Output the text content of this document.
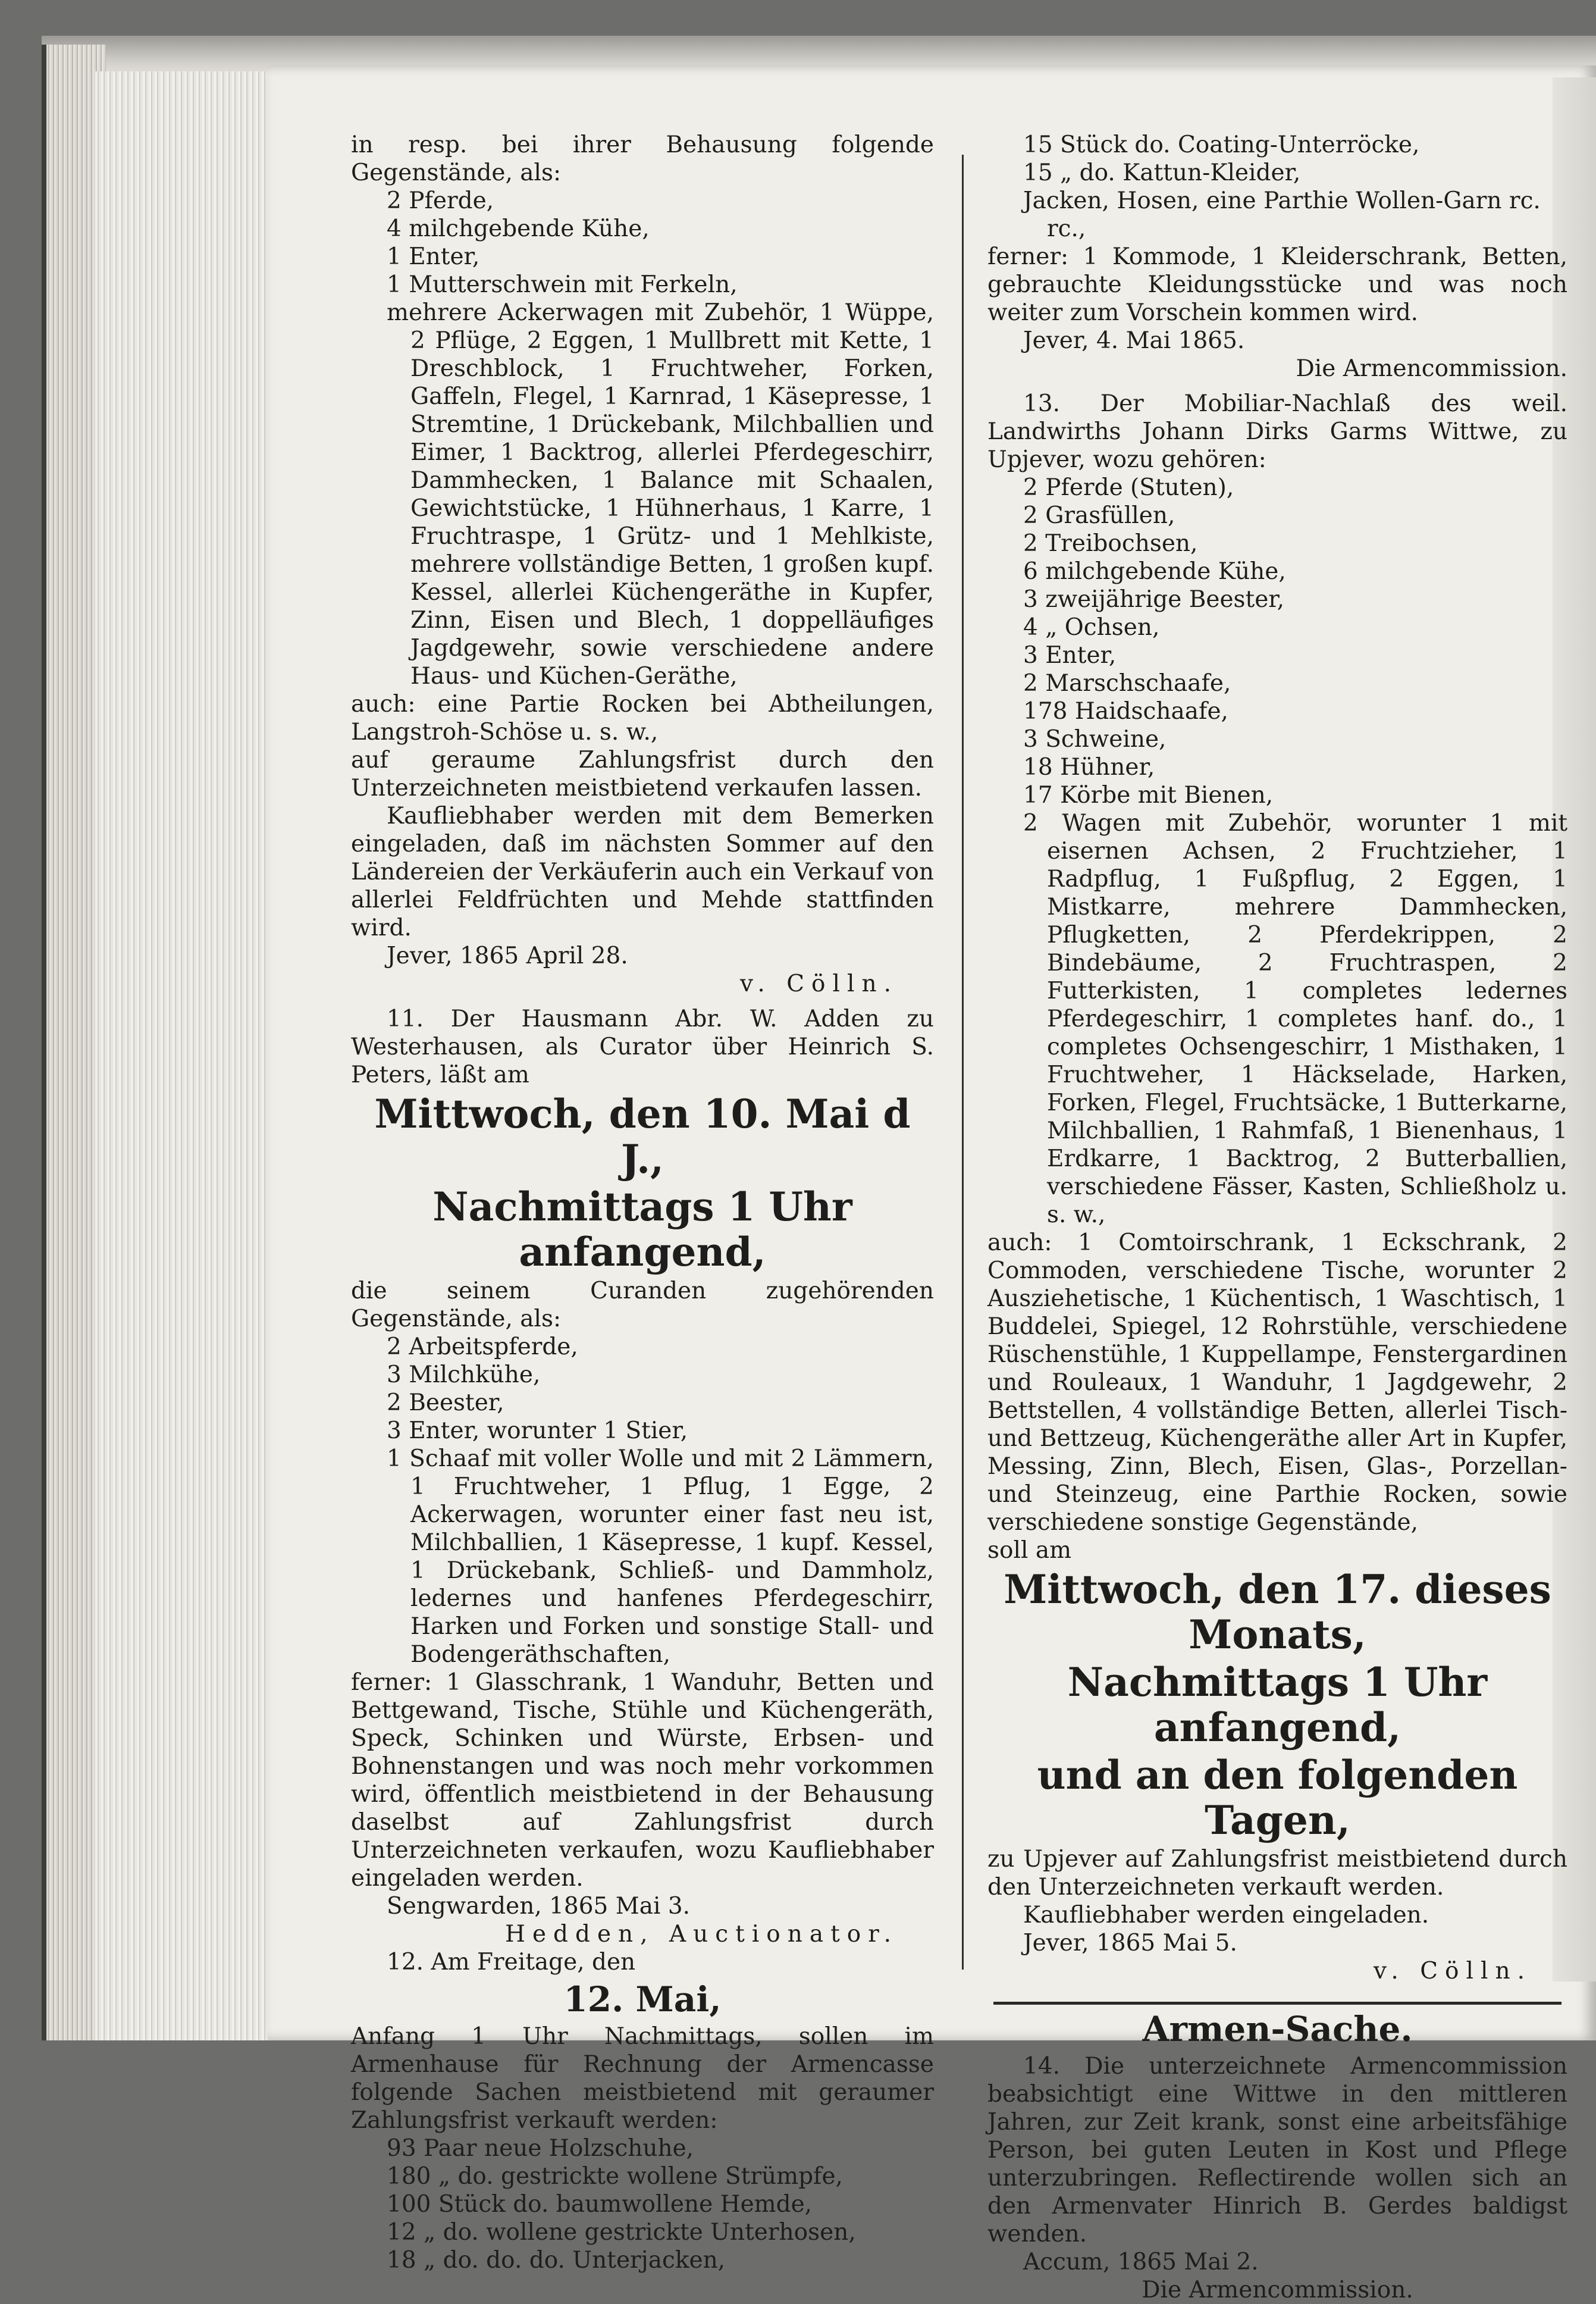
in resp. bei ihrer Behausung folgende Gegenstände, als:

2 Pferde,

4 milchgebende Kühe,

1 Enter,

1 Mutterschwein mit Ferkeln,

mehrere Ackerwagen mit Zubehör, 1 Wüppe, 2 Pflüge, 2 Eggen, 1 Mullbrett mit Kette, 1 Dreschblock, 1 Fruchtweher, Forken, Gaffeln, Flegel, 1 Karnrad, 1 Käsepresse, 1 Stremtine, 1 Drückebank, Milchballien und Eimer, 1 Backtrog, allerlei Pferdegeschirr, Dammhecken, 1 Balance mit Schaalen, Gewichtstücke, 1 Hühnerhaus, 1 Karre, 1 Fruchtraspe, 1 Grütz- und 1 Mehlkiste, mehrere vollständige Betten, 1 großen kupf. Kessel, allerlei Küchengeräthe in Kupfer, Zinn, Eisen und Blech, 1 doppelläufiges Jagdgewehr, sowie verschiedene andere Haus- und Küchen-Geräthe,

auch: eine Partie Rocken bei Abtheilungen, Langstroh-Schöse u. s. w.,

auf geraume Zahlungsfrist durch den Unterzeichneten meistbietend verkaufen lassen.

Kaufliebhaber werden mit dem Bemerken eingeladen, daß im nächsten Sommer auf den Ländereien der Verkäuferin auch ein Verkauf von allerlei Feldfrüchten und Mehde stattfinden wird.

Jever, 1865 April 28.

v. Cölln.

11. Der Hausmann Abr. W. Adden zu Westerhausen, als Curator über Heinrich S. Peters, läßt am

Mittwoch, den 10. Mai d J.,

Nachmittags 1 Uhr anfangend,

die seinem Curanden zugehörenden Gegenstände, als:

2 Arbeitspferde,

3 Milchkühe,

2 Beester,

3 Enter, worunter 1 Stier,

1 Schaaf mit voller Wolle und mit 2 Lämmern, 1 Fruchtweher, 1 Pflug, 1 Egge, 2 Ackerwagen, worunter einer fast neu ist, Milchballien, 1 Käsepresse, 1 kupf. Kessel, 1 Drückebank, Schließ- und Dammholz, ledernes und hanfenes Pferdegeschirr, Harken und Forken und sonstige Stall- und Bodengeräthschaften,

ferner: 1 Glasschrank, 1 Wanduhr, Betten und Bettgewand, Tische, Stühle und Küchengeräth, Speck, Schinken und Würste, Erbsen- und Bohnenstangen und was noch mehr vorkommen wird, öffentlich meistbietend in der Behausung daselbst auf Zahlungsfrist durch Unterzeichneten verkaufen, wozu Kaufliebhaber eingeladen werden.

Sengwarden, 1865 Mai 3.

Hedden, Auctionator.

12. Am Freitage, den

12. Mai,

Anfang 1 Uhr Nachmittags, sollen im Armenhause für Rechnung der Armencasse folgende Sachen meistbietend mit geraumer Zahlungsfrist verkauft werden:

93 Paar neue Holzschuhe,

180 „ do. gestrickte wollene Strümpfe,

100 Stück do. baumwollene Hemde,

12 „ do. wollene gestrickte Unterhosen,

18 „ do. do. do. Unterjacken,

15 Stück do. Coating-Unterröcke,

15 „ do. Kattun-Kleider,

Jacken, Hosen, eine Parthie Wollen-Garn rc. rc.,

ferner: 1 Kommode, 1 Kleiderschrank, Betten, gebrauchte Kleidungsstücke und was noch weiter zum Vorschein kommen wird.

Jever, 4. Mai 1865.

Die Armencommission.

13. Der Mobiliar-Nachlaß des weil. Landwirths Johann Dirks Garms Wittwe, zu Upjever, wozu gehören:

2 Pferde (Stuten),

2 Grasfüllen,

2 Treibochsen,

6 milchgebende Kühe,

3 zweijährige Beester,

4 „ Ochsen,

3 Enter,

2 Marschschaafe,

178 Haidschaafe,

3 Schweine,

18 Hühner,

17 Körbe mit Bienen,

2 Wagen mit Zubehör, worunter 1 mit eisernen Achsen, 2 Fruchtzieher, 1 Radpflug, 1 Fußpflug, 2 Eggen, 1 Mistkarre, mehrere Dammhecken, Pflugketten, 2 Pferdekrippen, 2 Bindebäume, 2 Fruchtraspen, 2 Futterkisten, 1 completes ledernes Pferdegeschirr, 1 completes hanf. do., 1 completes Ochsengeschirr, 1 Misthaken, 1 Fruchtweher, 1 Häckselade, Harken, Forken, Flegel, Fruchtsäcke, 1 Butterkarne, Milchballien, 1 Rahmfaß, 1 Bienenhaus, 1 Erdkarre, 1 Backtrog, 2 Butterballien, verschiedene Fässer, Kasten, Schließholz u. s. w.,

auch: 1 Comtoirschrank, 1 Eckschrank, 2 Commoden, verschiedene Tische, worunter 2 Ausziehetische, 1 Küchentisch, 1 Waschtisch, 1 Buddelei, Spiegel, 12 Rohrstühle, verschiedene Rüschenstühle, 1 Kuppellampe, Fenstergardinen und Rouleaux, 1 Wanduhr, 1 Jagdgewehr, 2 Bettstellen, 4 vollständige Betten, allerlei Tisch- und Bettzeug, Küchengeräthe aller Art in Kupfer, Messing, Zinn, Blech, Eisen, Glas-, Porzellan- und Steinzeug, eine Parthie Rocken, sowie verschiedene sonstige Gegenstände,

soll am

Mittwoch, den 17. dieses Monats,

Nachmittags 1 Uhr anfangend,

und an den folgenden Tagen,

zu Upjever auf Zahlungsfrist meistbietend durch den Unterzeichneten verkauft werden.

Kaufliebhaber werden eingeladen.

Jever, 1865 Mai 5.

v. Cölln.

Armen-Sache.

14. Die unterzeichnete Armencommission beabsichtigt eine Wittwe in den mittleren Jahren, zur Zeit krank, sonst eine arbeitsfähige Person, bei guten Leuten in Kost und Pflege unterzubringen. Reflectirende wollen sich an den Armenvater Hinrich B. Gerdes baldigst wenden.

Accum, 1865 Mai 2.

Die Armencommission.
